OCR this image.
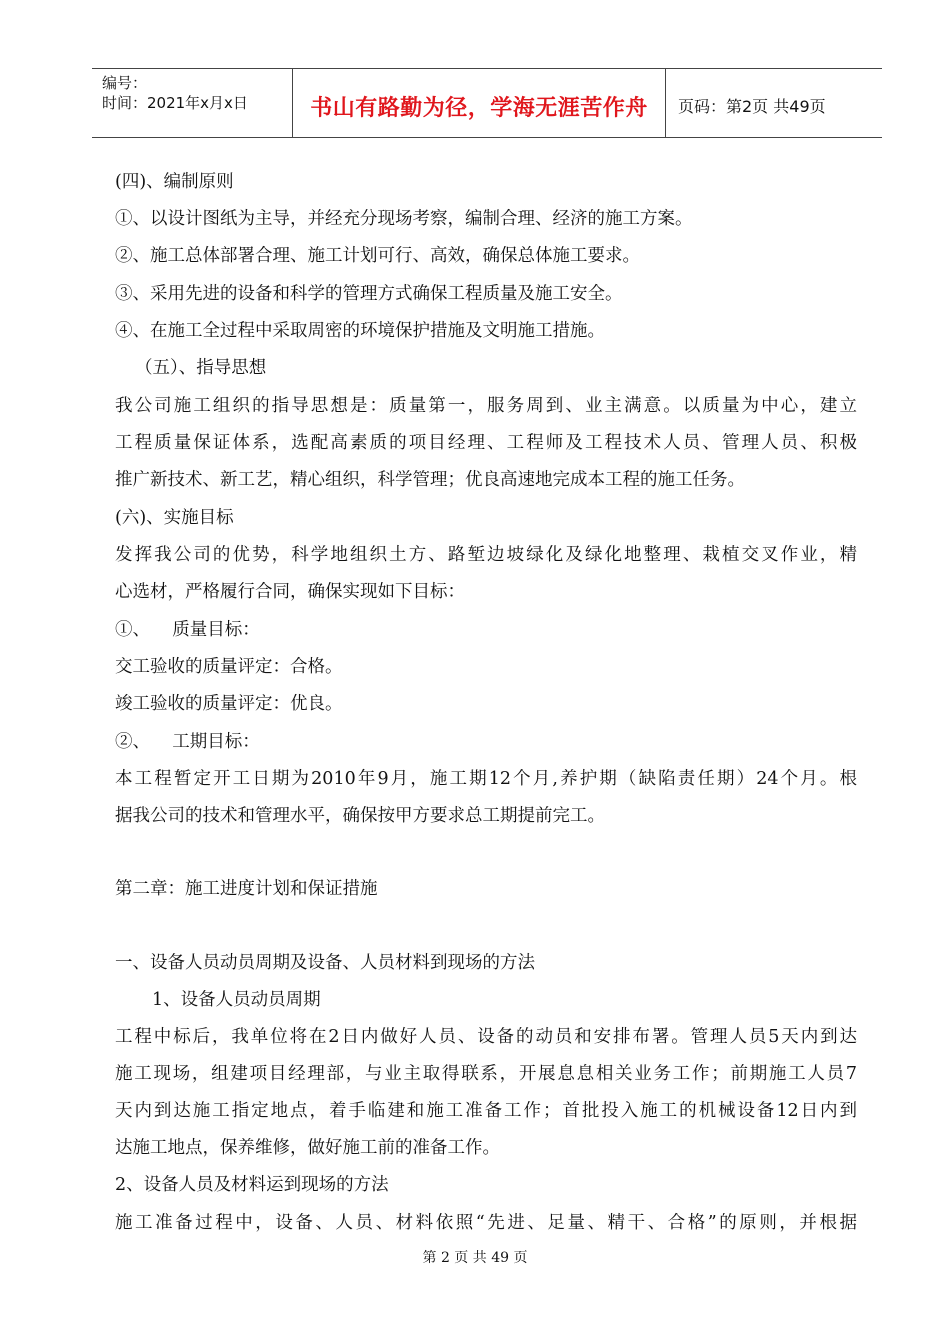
编号：
时间：2021年x月x日	书山有路勤为径，学海无涯苦作舟	页码：第2页 共49页
(四)、编制原则
①、以设计图纸为主导，并经充分现场考察，编制合理、经济的施工方案。
②、施工总体部署合理、施工计划可行、高效，确保总体施工要求。
③、采用先进的设备和科学的管理方式确保工程质量及施工安全。
④、在施工全过程中采取周密的环境保护措施及文明施工措施。
（五）、指导思想
我公司施工组织的指导思想是：质量第一，服务周到、业主满意。以质量为中心，建立
工程质量保证体系，选配高素质的项目经理、工程师及工程技术人员、管理人员、积极
推广新技术、新工艺，精心组织，科学管理；优良高速地完成本工程的施工任务。
(六)、实施目标
发挥我公司的优势，科学地组织土方、路堑边坡绿化及绿化地整理、栽植交叉作业，精
心选材，严格履行合同，确保实现如下目标：
①、    质量目标：
交工验收的质量评定：合格。
竣工验收的质量评定：优良。
②、    工期目标：
本工程暂定开工日期为2010年9月，施工期12个月,养护期（缺陷责任期）24个月。根
据我公司的技术和管理水平，确保按甲方要求总工期提前完工。
第二章：施工进度计划和保证措施
一、设备人员动员周期及设备、人员材料到现场的方法
1、设备人员动员周期
工程中标后，我单位将在2日内做好人员、设备的动员和安排布署。管理人员5天内到达
施工现场，组建项目经理部，与业主取得联系，开展息息相关业务工作；前期施工人员7
天内到达施工指定地点，着手临建和施工准备工作；首批投入施工的机械设备12日内到
达施工地点，保养维修，做好施工前的准备工作。
2、设备人员及材料运到现场的方法
施工准备过程中，设备、人员、材料依照“先进、足量、精干、合格”的原则，并根据
第 2 页 共 49 页
